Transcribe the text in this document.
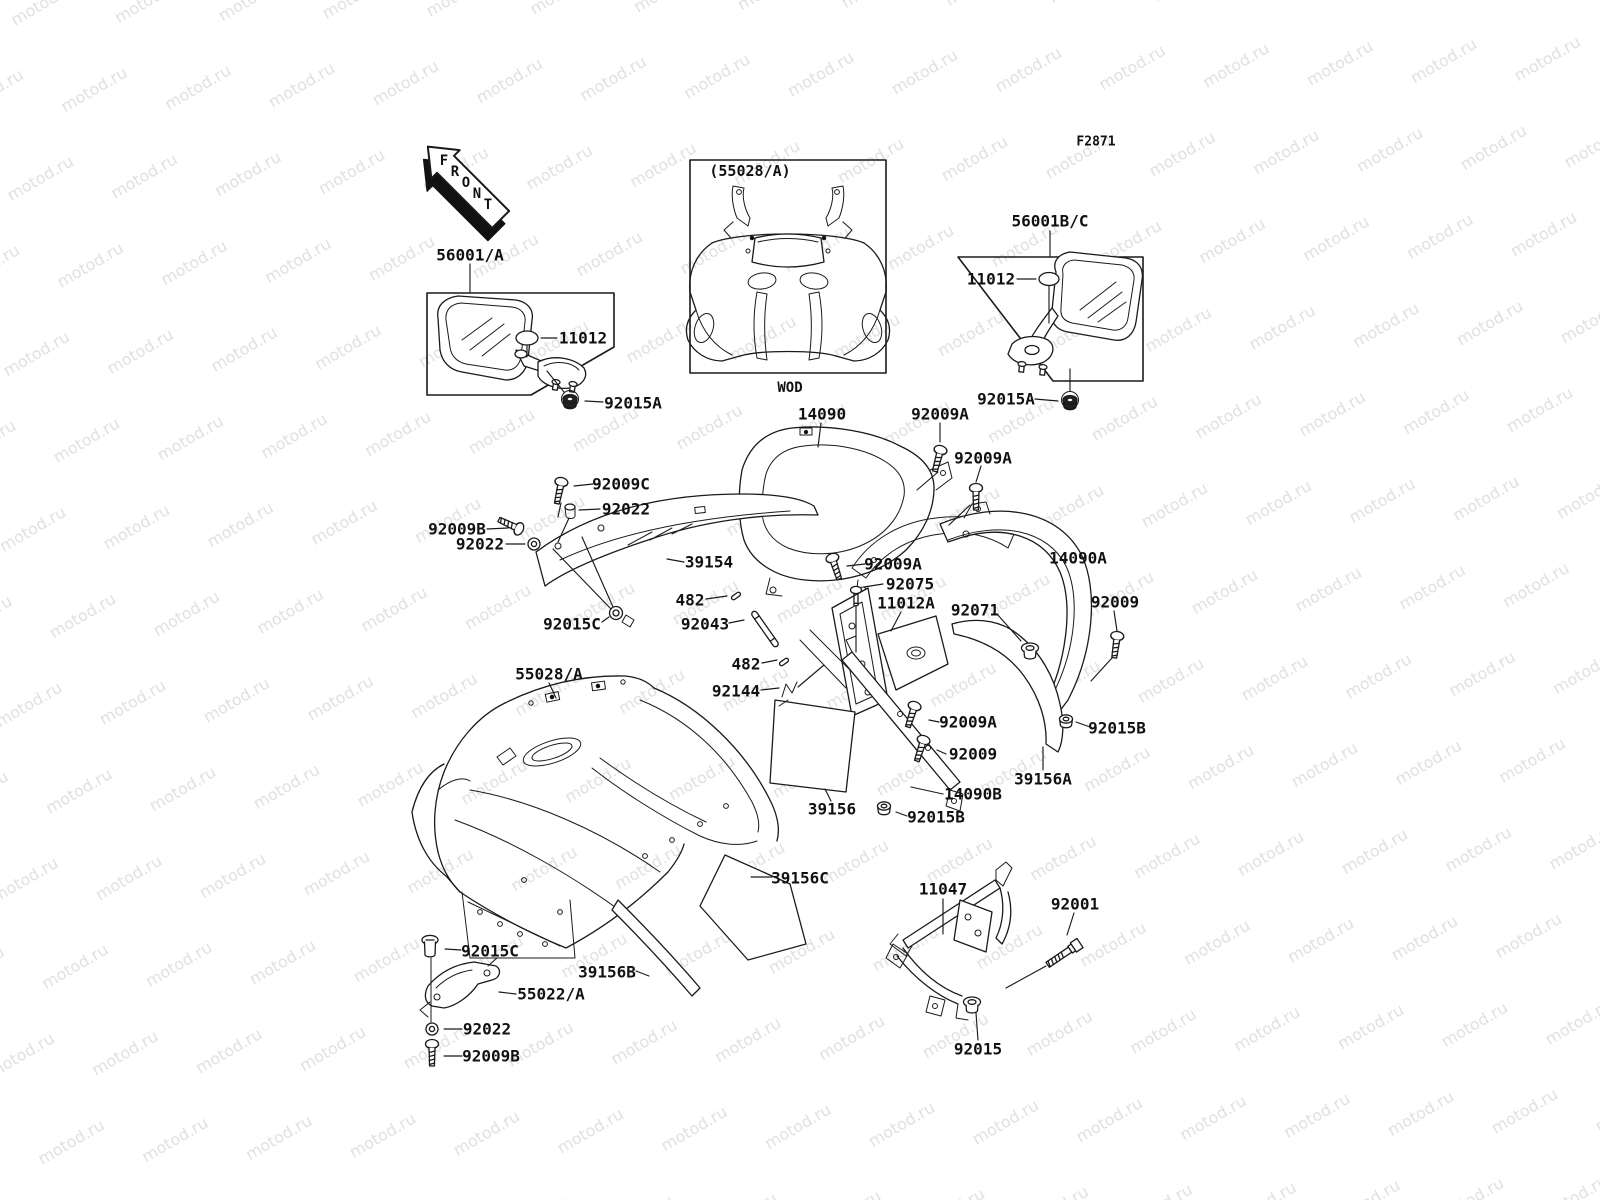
F2871
(55028/A)
WOD
56001/A
11012
92015A
56001B/C
11012
92015A
14090	92009A
92009A
92009C
92022
92009B
92022
39154	92009A
92075
11012A 92071
14090A
92009
482
92043
482
92144
92015C
55028/A
92009A	92015B
92009
39156A
14090B
39156	92015B
39156C
11047
92001
92015C
39156B
55022/A
92022
92009B	92015
F
R
O
N
T
